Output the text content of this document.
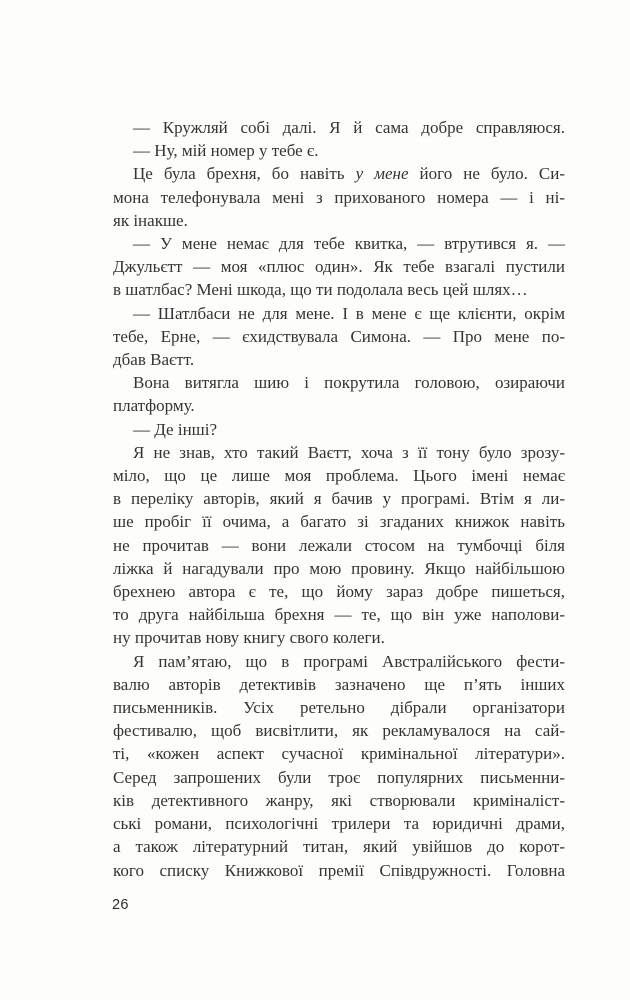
— Кружляй собі далі. Я й сама добре справляюся.
— Ну, мій номер у тебе є.
Це була брехня, бо навіть у мене його не було. Си-
мона телефонувала мені з прихованого номера — і ні-
як інакше.
— У мене немає для тебе квитка, — втрутився я. —
Джульєтт — моя «плюс один». Як тебе взагалі пустили
в шатлбас? Мені шкода, що ти подолала весь цей шлях…
— Шатлбаси не для мене. І в мене є ще клієнти, окрім
тебе, Ерне, — єхидствувала Симона. — Про мене по-
дбав Ваєтт.
Вона витягла шию і покрутила головою, озираючи
платформу.
— Де інші?
Я не знав, хто такий Ваєтт, хоча з її тону було зрозу-
міло, що це лише моя проблема. Цього імені немає
в переліку авторів, який я бачив у програмі. Втім я ли-
ше пробіг її очима, а багато зі згаданих книжок навіть
не прочитав — вони лежали стосом на тумбочці біля
ліжка й нагадували про мою провину. Якщо найбільшою
брехнею автора є те, що йому зараз добре пишеться,
то друга найбільша брехня — те, що він уже наполови-
ну прочитав нову книгу свого колеги.
Я пам’ятаю, що в програмі Австралійського фести-
валю авторів детективів зазначено ще п’ять інших
письменників. Усіх ретельно дібрали організатори
фестивалю, щоб висвітлити, як рекламувалося на сай-
ті, «кожен аспект сучасної кримінальної літератури».
Серед запрошених були троє популярних письменни-
ків детективного жанру, які створювали криміналіст-
ські романи, психологічні трилери та юридичні драми,
а також літературний титан, який увійшов до корот-
кого списку Книжкової премії Співдружності. Головна
26
